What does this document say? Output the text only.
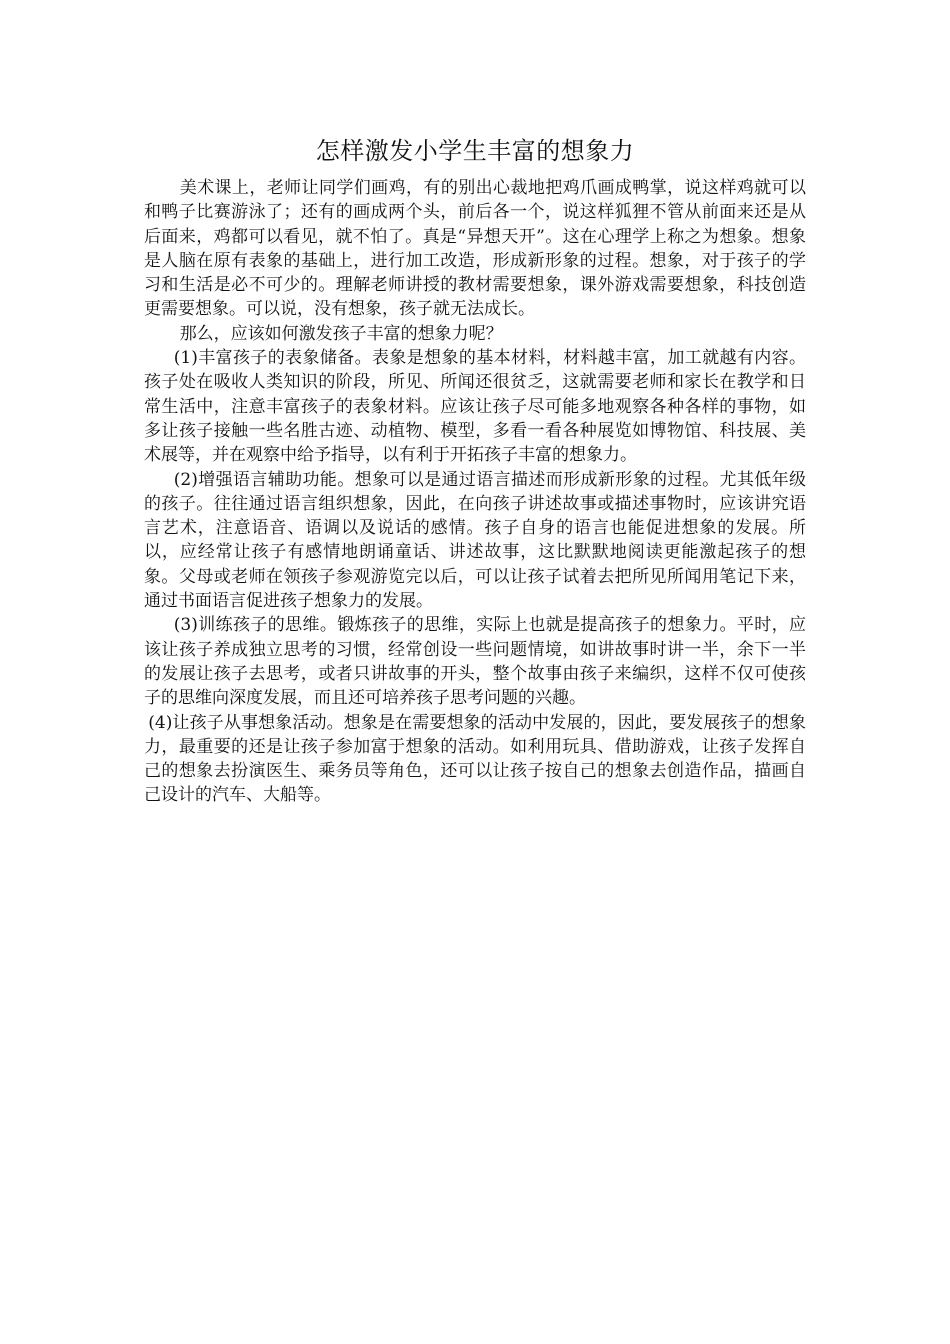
怎样激发小学生丰富的想象力

美术课上，老师让同学们画鸡，有的别出心裁地把鸡爪画成鸭掌，说这样鸡就可以和鸭子比赛游泳了；还有的画成两个头，前后各一个，说这样狐狸不管从前面来还是从后面来，鸡都可以看见，就不怕了。真是“异想天开”。这在心理学上称之为想象。想象是人脑在原有表象的基础上，进行加工改造，形成新形象的过程。想象，对于孩子的学习和生活是必不可少的。理解老师讲授的教材需要想象，课外游戏需要想象，科技创造更需要想象。可以说，没有想象，孩子就无法成长。

那么，应该如何激发孩子丰富的想象力呢？

(1)丰富孩子的表象储备。表象是想象的基本材料，材料越丰富，加工就越有内容。孩子处在吸收人类知识的阶段，所见、所闻还很贫乏，这就需要老师和家长在教学和日常生活中，注意丰富孩子的表象材料。应该让孩子尽可能多地观察各种各样的事物，如多让孩子接触一些名胜古迹、动植物、模型，多看一看各种展览如博物馆、科技展、美术展等，并在观察中给予指导，以有利于开拓孩子丰富的想象力。

(2)增强语言辅助功能。想象可以是通过语言描述而形成新形象的过程。尤其低年级的孩子。往往通过语言组织想象，因此，在向孩子讲述故事或描述事物时，应该讲究语言艺术，注意语音、语调以及说话的感情。孩子自身的语言也能促进想象的发展。所以，应经常让孩子有感情地朗诵童话、讲述故事，这比默默地阅读更能激起孩子的想象。父母或老师在领孩子参观游览完以后，可以让孩子试着去把所见所闻用笔记下来，通过书面语言促进孩子想象力的发展。

(3)训练孩子的思维。锻炼孩子的思维，实际上也就是提高孩子的想象力。平时，应该让孩子养成独立思考的习惯，经常创设一些问题情境，如讲故事时讲一半，余下一半的发展让孩子去思考，或者只讲故事的开头，整个故事由孩子来编织，这样不仅可使孩子的思维向深度发展，而且还可培养孩子思考问题的兴趣。

(4)让孩子从事想象活动。想象是在需要想象的活动中发展的，因此，要发展孩子的想象力，最重要的还是让孩子参加富于想象的活动。如利用玩具、借助游戏，让孩子发挥自己的想象去扮演医生、乘务员等角色，还可以让孩子按自己的想象去创造作品，描画自己设计的汽车、大船等。
